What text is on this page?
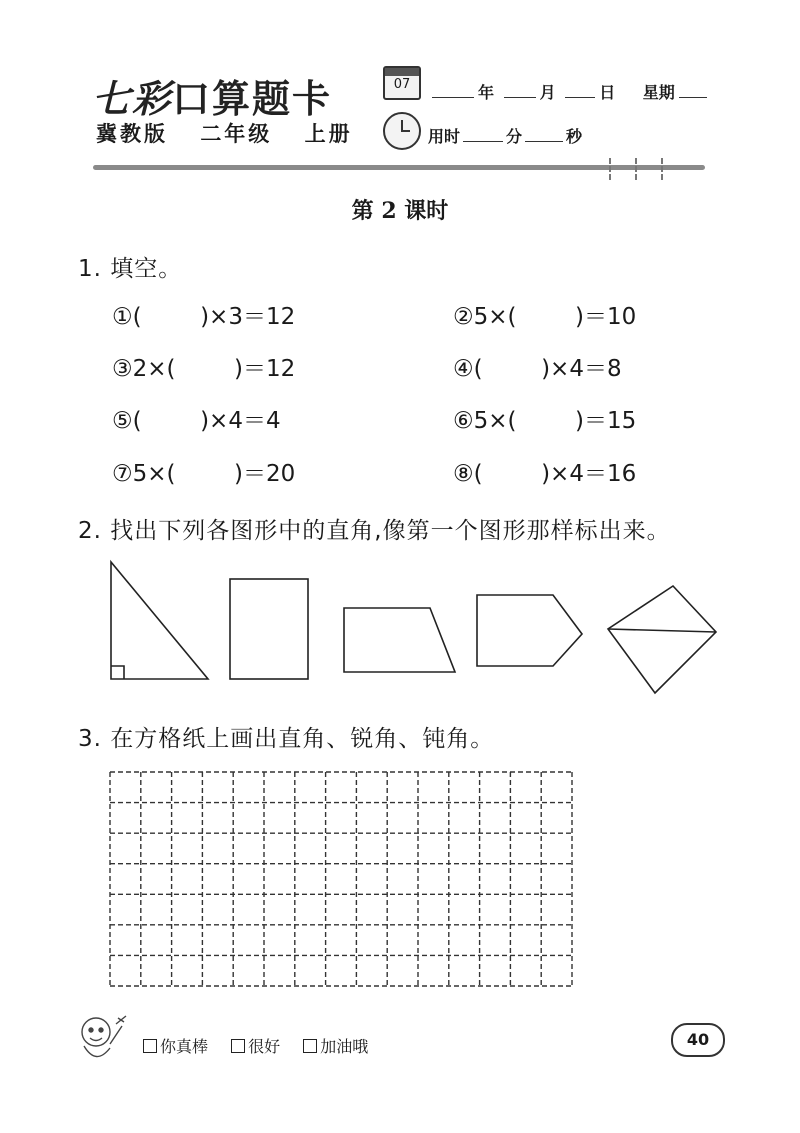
七彩口算题卡
冀教版 二年级 上册
07	年	月	日 星期
用时	分	秒
第 2 课时
1. 填空。
①(        )×3＝12	②5×(        )＝10
③2×(        )＝12	④(        )×4＝8
⑤(        )×4＝4	⑥5×(        )＝15
⑦5×(        )＝20	⑧(        )×4＝16
2. 找出下列各图形中的直角,像第一个图形那样标出来。
3. 在方格纸上画出直角、锐角、钝角。
你真棒	很好	加油哦	40
